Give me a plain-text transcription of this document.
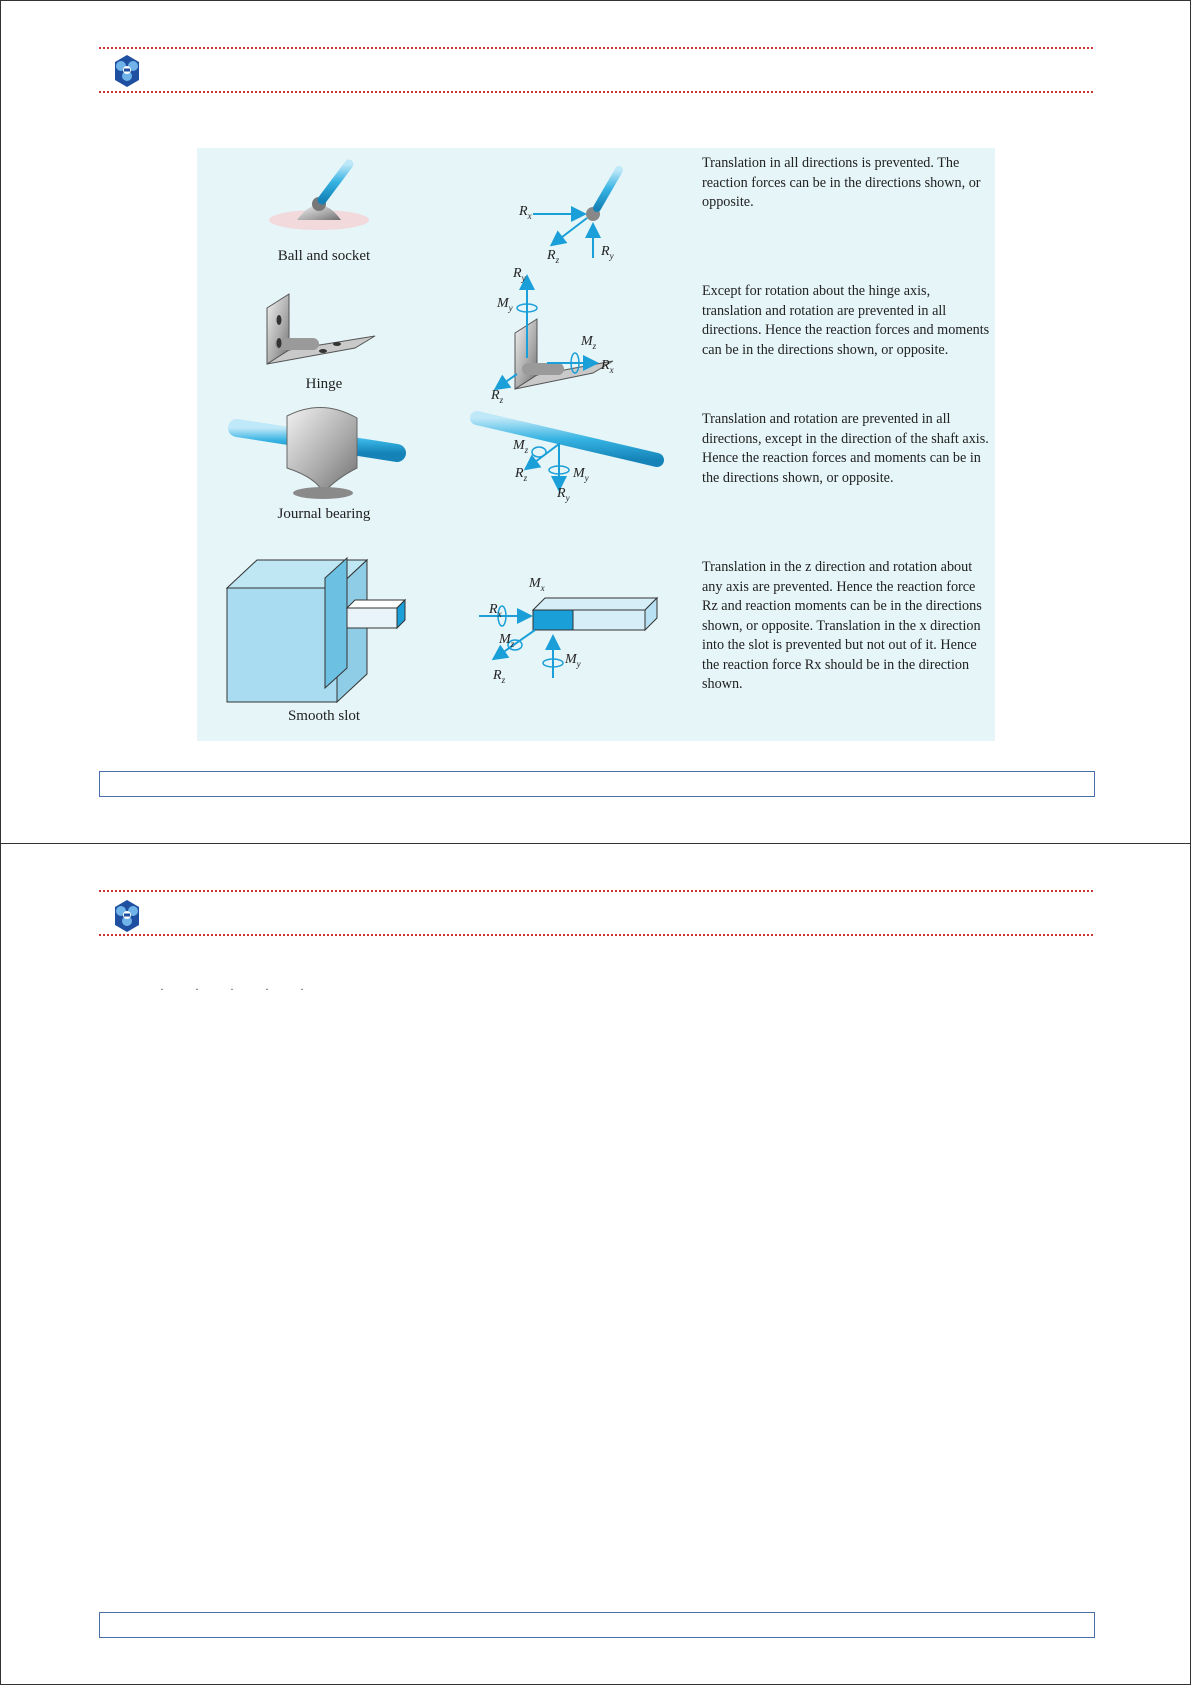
Ball and socket
Translation in all directions is prevented. The reaction forces can be in the directions shown, or opposite.
$R_x$
$R_y$
$R_z$
Hinge
Except for rotation about the hinge axis, translation and rotation are prevented in all directions. Hence the reaction forces and moments can be in the directions shown, or opposite.
$R_y$
$M_y$
$M_z$
$R_x$
$R_z$
Journal bearing
Translation and rotation are prevented in all directions, except in the direction of the shaft axis. Hence the reaction forces and moments can be in the directions shown, or opposite.
$M_z$
$R_z$	$M_y$
$R_y$
Smooth slot
Translation in the z direction and rotation about any axis are prevented. Hence the reaction force Rz and reaction moments can be in the directions shown, or opposite. Translation in the x direction into the slot is prevented but not out of it. Hence the reaction force Rx should be in the direction shown.
$M_x$
$R_x$
$M_z$
$R_z$
$M_y$
· · · · ·
